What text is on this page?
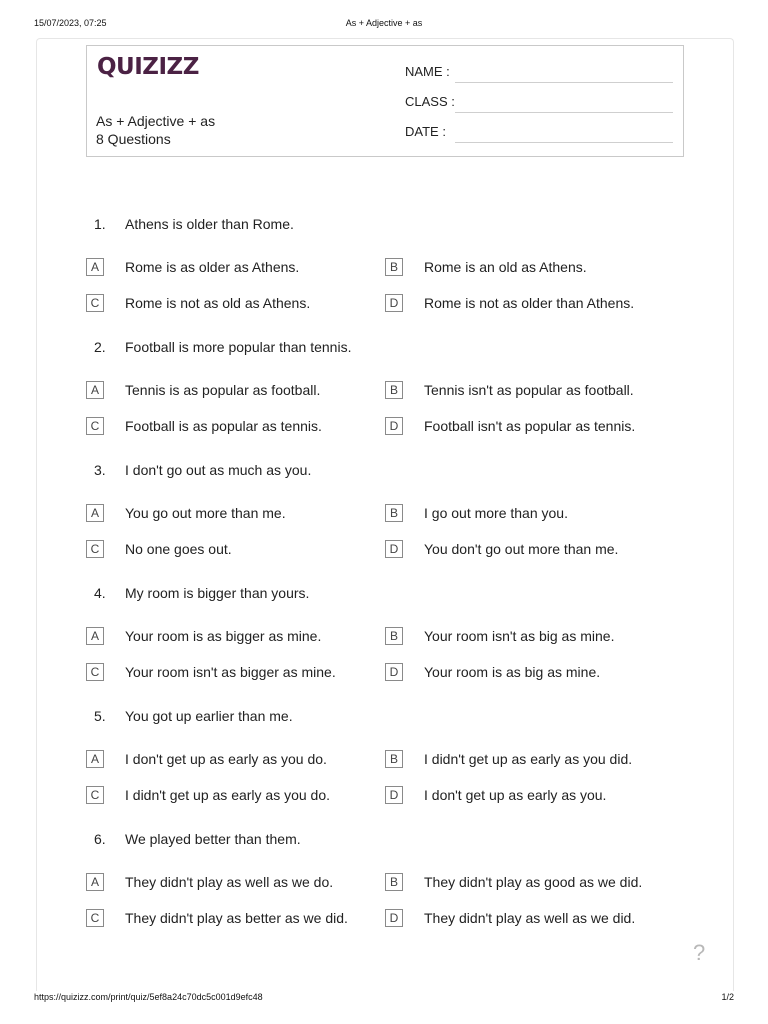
15/07/2023, 07:25	As + Adjective + as
QUIZIZZ
As + Adjective + as
8 Questions
NAME :
CLASS :
DATE :
1.	Athens is older than Rome.
A	Rome is as older as Athens.	B	Rome is an old as Athens.
C	Rome is not as old as Athens.	D	Rome is not as older than Athens.
2.	Football is more popular than tennis.
A	Tennis is as popular as football.	B	Tennis isn't as popular as football.
C	Football is as popular as tennis.	D	Football isn't as popular as tennis.
3.	I don't go out as much as you.
A	You go out more than me.	B	I go out more than you.
C	No one goes out.	D	You don't go out more than me.
4.	My room is bigger than yours.
A	Your room is as bigger as mine.	B	Your room isn't as big as mine.
C	Your room isn't as bigger as mine.	D	Your room is as big as mine.
5.	You got up earlier than me.
A	I don't get up as early as you do.	B	I didn't get up as early as you did.
C	I didn't get up as early as you do.	D	I don't get up as early as you.
6.	We played better than them.
A	They didn't play as well as we do.	B	They didn't play as good as we did.
C	They didn't play as better as we did.	D	They didn't play as well as we did.
?
https://quizizz.com/print/quiz/5ef8a24c70dc5c001d9efc48	1/2
